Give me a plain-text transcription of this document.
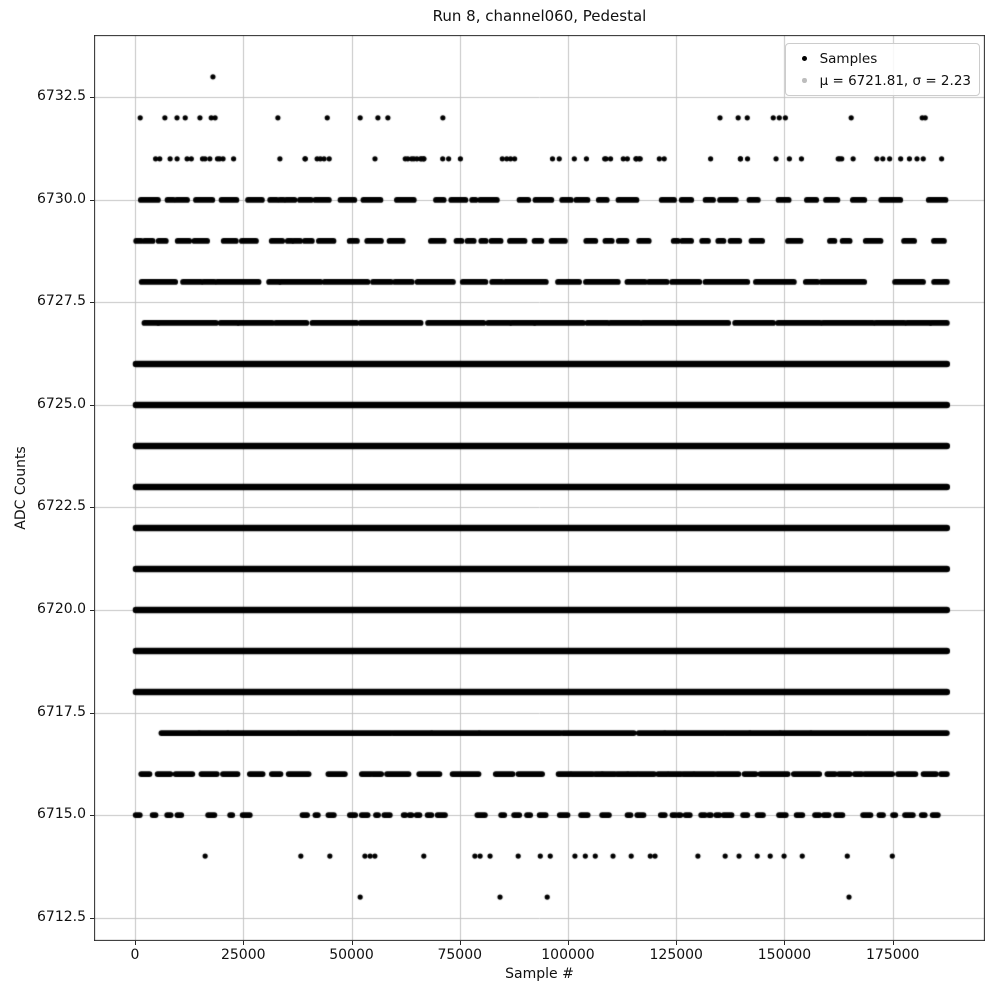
Run 8, channel060, Pedestal
Samples
μ = 6721.81, σ = 2.23
0	25000	50000	75000	100000	125000	150000	175000
6712.5
6715.0
6717.5
6720.0
6722.5
6725.0
6727.5
6730.0
6732.5
Sample #
ADC Counts
